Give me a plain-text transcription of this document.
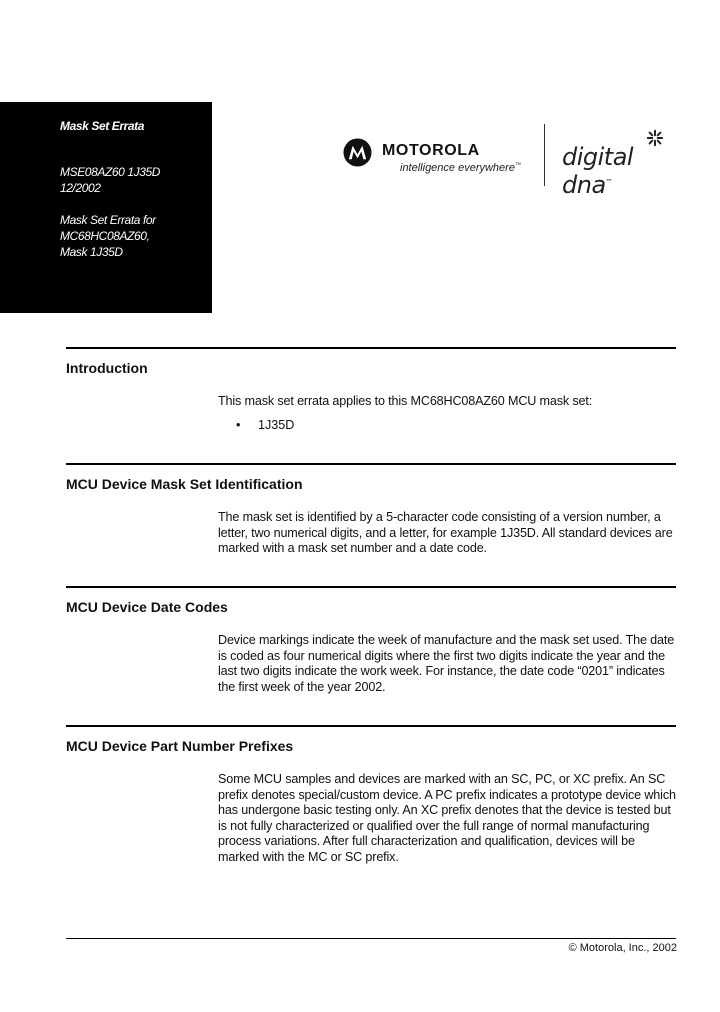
Mask Set Errata
MSE08AZ60 1J35D
12/2002
Mask Set Errata for
MC68HC08AZ60,
Mask 1J35D
MOTOROLA
intelligence everywhere™ digital dna™
Introduction

This mask set errata applies to this MC68HC08AZ60 MCU mask set:

• 1J35D
MCU Device Mask Set Identification

The mask set is identified by a 5-character code consisting of a version number, a letter, two numerical digits, and a letter, for example 1J35D. All standard devices are marked with a mask set number and a date code.

MCU Device Date Codes

Device markings indicate the week of manufacture and the mask set used. The date is coded as four numerical digits where the first two digits indicate the year and the last two digits indicate the work week. For instance, the date code “0201” indicates the first week of the year 2002.

MCU Device Part Number Prefixes

Some MCU samples and devices are marked with an SC, PC, or XC prefix. An SC prefix denotes special/custom device. A PC prefix indicates a prototype device which has undergone basic testing only. An XC prefix denotes that the device is tested but is not fully characterized or qualified over the full range of normal manufacturing process variations. After full characterization and qualification, devices will be marked with the MC or SC prefix.

© Motorola, Inc., 2002
